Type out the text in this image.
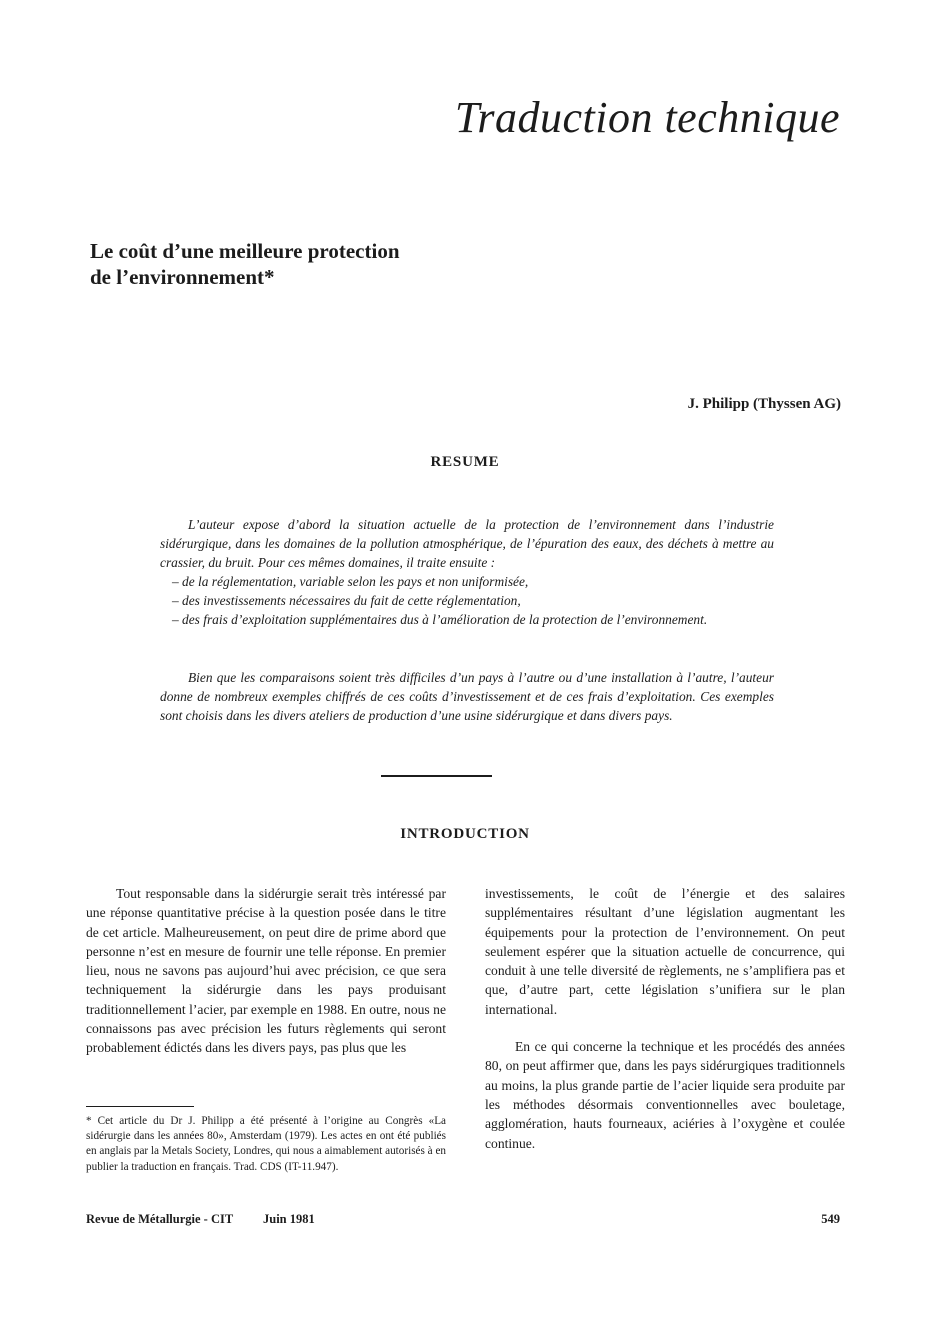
Traduction technique
Le coût d’une meilleure protection
de l’environnement*
J. Philipp (Thyssen AG)
RESUME

L’auteur expose d’abord la situation actuelle de la protection de l’environnement dans l’industrie sidérurgique, dans les domaines de la pollution atmosphérique, de l’épuration des eaux, des déchets à mettre au crassier, du bruit. Pour ces mêmes domaines, il traite ensuite :

– de la réglementation, variable selon les pays et non uniformisée,
– des investissements nécessaires du fait de cette réglementation,
– des frais d’exploitation supplémentaires dus à l’amélioration de la protection de l’environnement.

Bien que les comparaisons soient très difficiles d’un pays à l’autre ou d’une installation à l’autre, l’auteur donne de nombreux exemples chiffrés de ces coûts d’investissement et de ces frais d’exploitation. Ces exemples sont choisis dans les divers ateliers de production d’une usine sidérurgique et dans divers pays.

INTRODUCTION

Tout responsable dans la sidérurgie serait très intéressé par une réponse quantitative précise à la question posée dans le titre de cet article. Malheureusement, on peut dire de prime abord que personne n’est en mesure de fournir une telle réponse. En premier lieu, nous ne savons pas aujourd’hui avec précision, ce que sera techniquement la sidérurgie dans les pays produisant traditionnellement l’acier, par exemple en 1988. En outre, nous ne connaissons pas avec précision les futurs règlements qui seront probablement édictés dans les divers pays, pas plus que les

investissements, le coût de l’énergie et des salaires supplémentaires résultant d’une législation augmentant les équipements pour la protection de l’environnement. On peut seulement espérer que la situation actuelle de concurrence, qui conduit à une telle diversité de règlements, ne s’amplifiera pas et que, d’autre part, cette législation s’unifiera sur le plan international.

En ce qui concerne la technique et les procédés des années 80, on peut affirmer que, dans les pays sidérurgiques traditionnels au moins, la plus grande partie de l’acier liquide sera produite par les méthodes désormais conventionnelles avec bouletage, agglomération, hauts fourneaux, aciéries à l’oxygène et coulée continue.

* Cet article du Dr J. Philipp a été présenté à l’origine au Congrès «La sidérurgie dans les années 80», Amsterdam (1979). Les actes en ont été publiés en anglais par la Metals Society, Londres, qui nous a aimablement autorisés à en publier la traduction en français. Trad. CDS (IT-11.947).
Revue de Métallurgie - CIT Juin 1981	549
